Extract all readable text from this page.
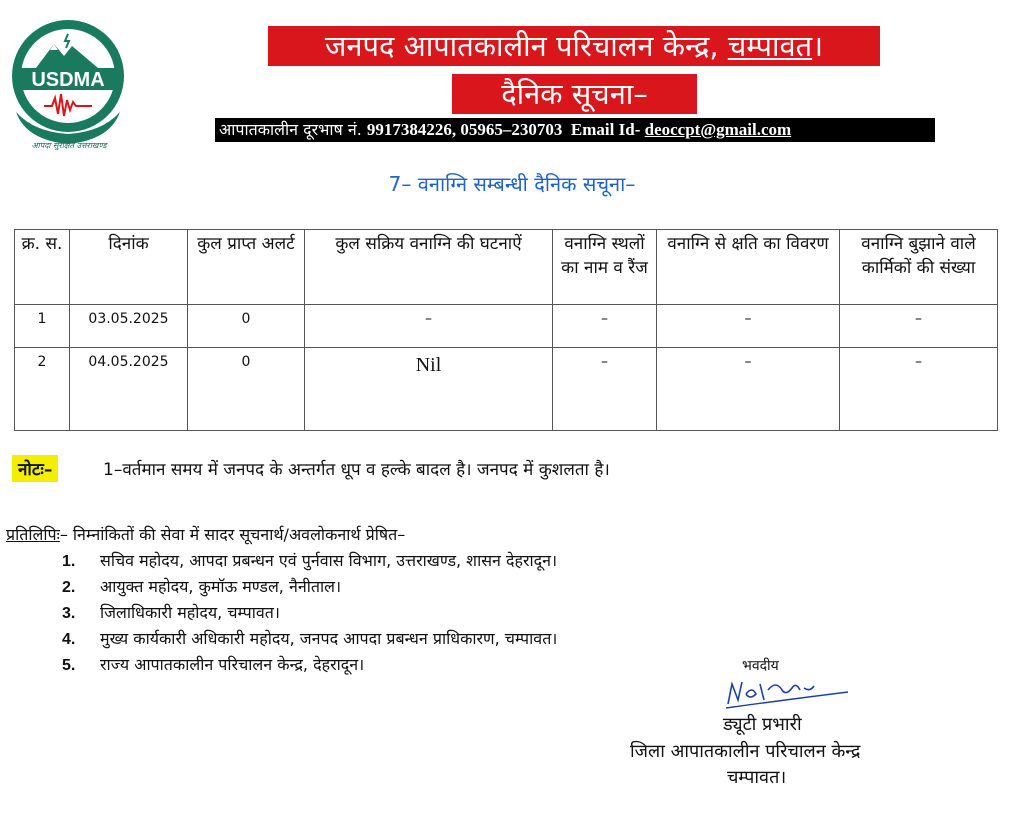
USDMA
आपदा सुरक्षित उत्तराखण्ड
जनपद आपातकालीन परिचालन केन्द्र, चम्पावत।
दैनिक सूचना–
आपातकालीन दूरभाष नं. 9917384226, 05965–230703 Email Id- deoccpt@gmail.com
7– वनाग्नि सम्बन्धी दैनिक सचूना–
क्र. स.	दिनांक	कुल प्राप्त अलर्ट	कुल सक्रिय वनाग्नि की घटनाऐं	वनाग्नि स्थलों का नाम व रैंज	वनाग्नि से क्षति का विवरण	वनाग्नि बुझाने वाले कार्मिकों की संख्या
1	03.05.2025	0	–	–	–	–
2	04.05.2025	0	Nil	–	–	–
नोटः–	1–वर्तमान समय में जनपद के अन्तर्गत धूप व हल्के बादल है। जनपद में कुशलता है।
प्रतिलिपिः– निम्नांकितों की सेवा में सादर सूचनार्थ/अवलोकनार्थ प्रेषित–
1. सचिव महोदय, आपदा प्रबन्धन एवं पुर्नवास विभाग, उत्तराखण्ड, शासन देहरादून।
2. आयुक्त महोदय, कुमॉऊ मण्डल, नैनीताल।
3. जिलाधिकारी महोदय, चम्पावत।
4. मुख्य कार्यकारी अधिकारी महोदय, जनपद आपदा प्रबन्धन प्राधिकारण, चम्पावत।
5. राज्य आपातकालीन परिचालन केन्द्र, देहरादून।	भवदीय
ड्यूटी प्रभारी
जिला आपातकालीन परिचालन केन्द्र
चम्पावत।
